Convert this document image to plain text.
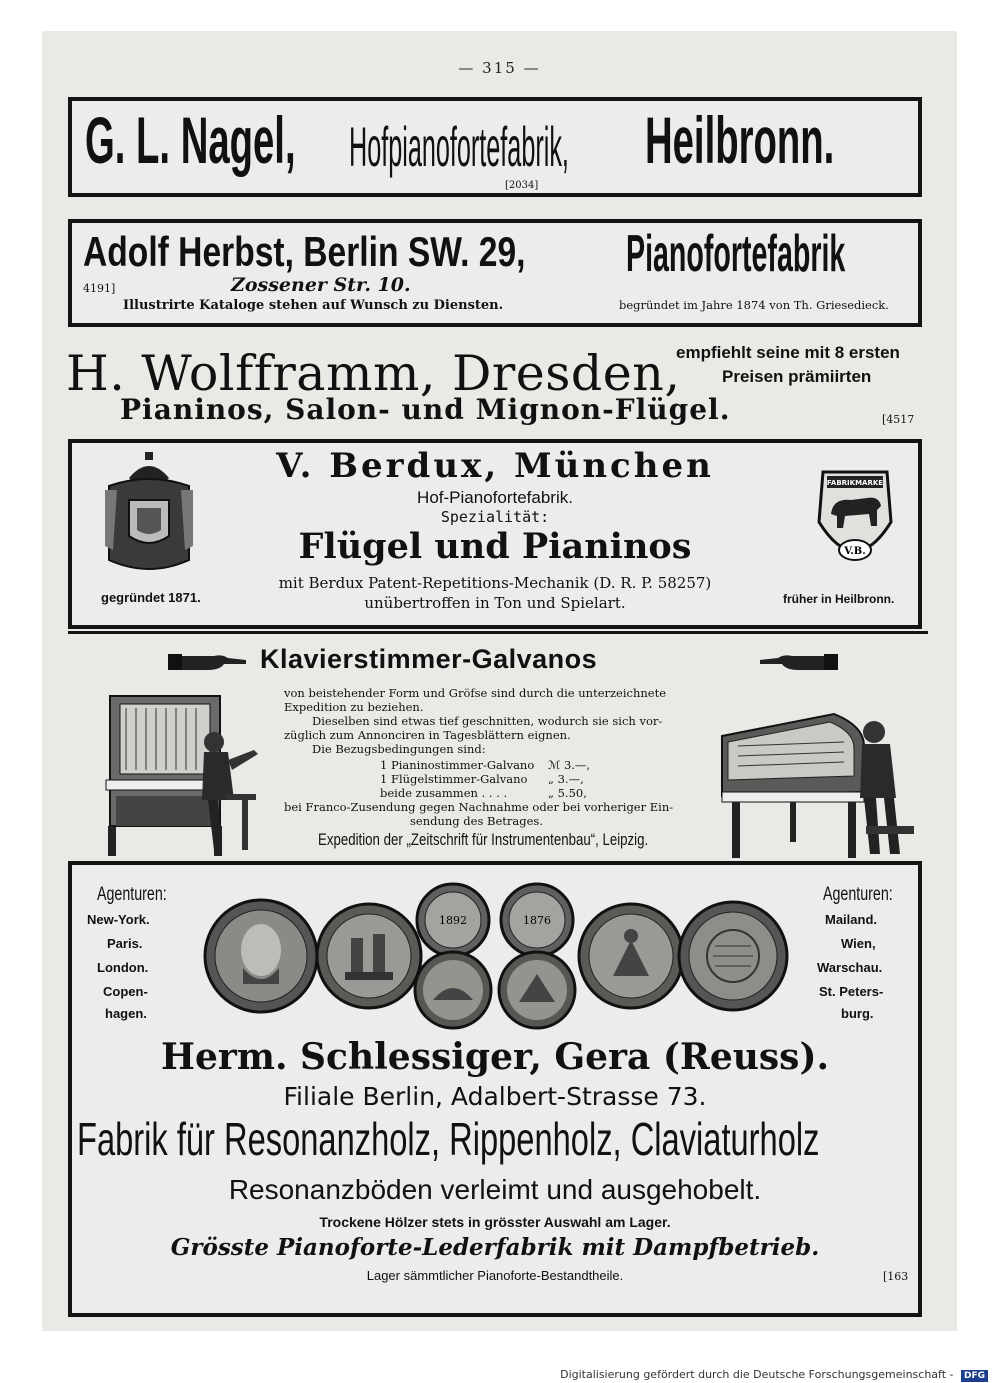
— 315 —
G. L. Nagel, Hofpianofortefabrik,	Heilbronn.
[2034]
Adolf Herbst, Berlin SW. 29,	Pianofortefabrik
4191]	Zossener Str. 10.
Illustrirte Kataloge stehen auf Wunsch zu Diensten.	begründet im Jahre 1874 von Th. Griesedieck.
H. Wolfframm, Dresden,
empfiehlt seine mit 8 ersten
Preisen prämiirten
Pianinos, Salon- und Mignon-Flügel.	[4517
V. Berdux, München
Hof-Pianofortefabrik.
Spezialität:
Flügel und Pianinos
mit Berdux Patent-Repetitions-Mechanik (D. R. P. 58257)
unübertroffen in Ton und Spielart.
gegründet 1871.
FABRIKMARKE
V.B.
früher in Heilbronn.
Klavierstimmer-Galvanos
von beistehender Form und Gröfse sind durch die unterzeichnete
Expedition zu beziehen.
Dieselben sind etwas tief geschnitten, wodurch sie sich vor-
züglich zum Annonciren in Tagesblättern eignen.
Die Bezugsbedingungen sind:
1 Pianinostimmer-Galvano ℳ 3.—,
1 Flügelstimmer-Galvano „ 3.—,
beide zusammen . . . .	„ 5.50,
bei Franco-Zusendung gegen Nachnahme oder bei vorheriger Ein-
sendung des Betrages.
Expedition der „Zeitschrift für Instrumentenbau“, Leipzig.
Agenturen:
New-York.
Paris.
London.
Copen-
hagen.
Agenturen:
Mailand.
Wien,
Warschau.
St. Peters-
burg.
1892	1876
Herm. Schlessiger, Gera (Reuss).
Filiale Berlin, Adalbert-Strasse 73.
Fabrik für Resonanzholz, Rippenholz, Claviaturholz
Resonanzböden verleimt und ausgehobelt.
Trockene Hölzer stets in grösster Auswahl am Lager.
Grösste Pianoforte-Lederfabrik mit Dampfbetrieb.
Lager sämmtlicher Pianoforte-Bestandtheile.	[163
Digitalisierung gefördert durch die Deutsche Forschungsgemeinschaft - DFG
